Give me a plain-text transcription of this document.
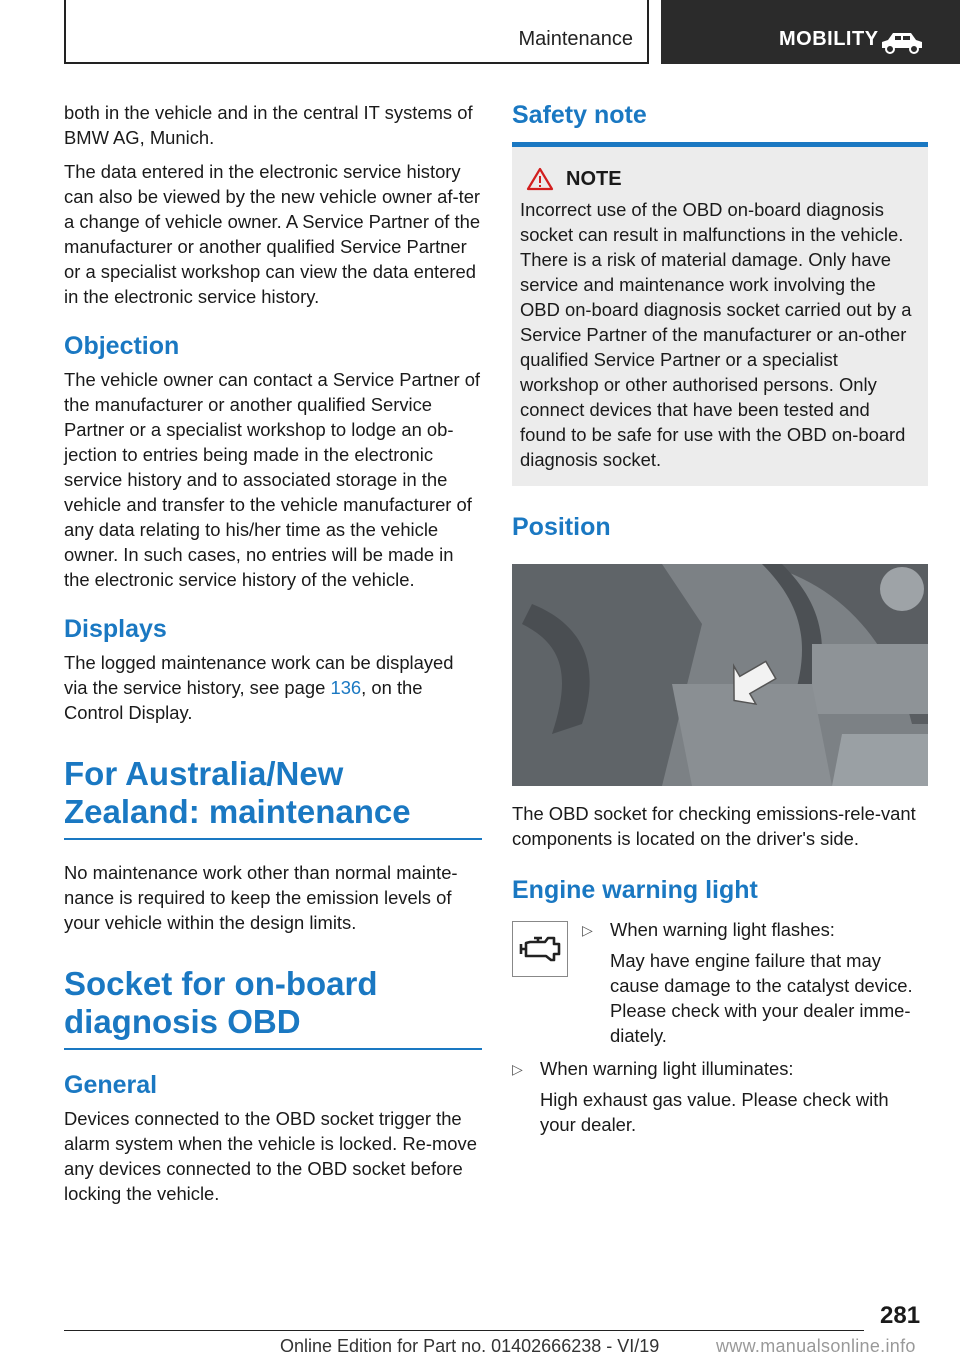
Maintenance	MOBILITY

both in the vehicle and in the central IT systems of BMW AG, Munich.

The data entered in the electronic service history can also be viewed by the new vehicle owner af-ter a change of vehicle owner. A Service Partner of the manufacturer or another qualified Service Partner or a specialist workshop can view the data entered in the electronic service history.

Objection

The vehicle owner can contact a Service Partner of the manufacturer or another qualified Service Partner or a specialist workshop to lodge an ob-jection to entries being made in the electronic service history and to associated storage in the vehicle and transfer to the vehicle manufacturer of any data relating to his/her time as the vehicle owner. In such cases, no entries will be made in the electronic service history of the vehicle.

Displays

The logged maintenance work can be displayed via the service history, see page 136, on the Control Display.

For Australia/New Zealand: maintenance

No maintenance work other than normal mainte-nance is required to keep the emission levels of your vehicle within the design limits.

Socket for on-board diagnosis OBD
General

Devices connected to the OBD socket trigger the alarm system when the vehicle is locked. Re-move any devices connected to the OBD socket before locking the vehicle.

Safety note
NOTE

Incorrect use of the OBD on-board diagnosis socket can result in malfunctions in the vehicle. There is a risk of material damage. Only have service and maintenance work involving the OBD on-board diagnosis socket carried out by a Service Partner of the manufacturer or an-other qualified Service Partner or a specialist workshop or other authorised persons. Only connect devices that have been tested and found to be safe for use with the OBD on-board diagnosis socket.

Position

The OBD socket for checking emissions-rele-vant components is located on the driver's side.

Engine warning light
▷ When warning light flashes:

May have engine failure that may cause damage to the catalyst device. Please check with your dealer imme-diately.

▷ When warning light illuminates:

High exhaust gas value. Please check with your dealer.

281
Online Edition for Part no. 01402666238 - VI/19	www.manualsonline.info
